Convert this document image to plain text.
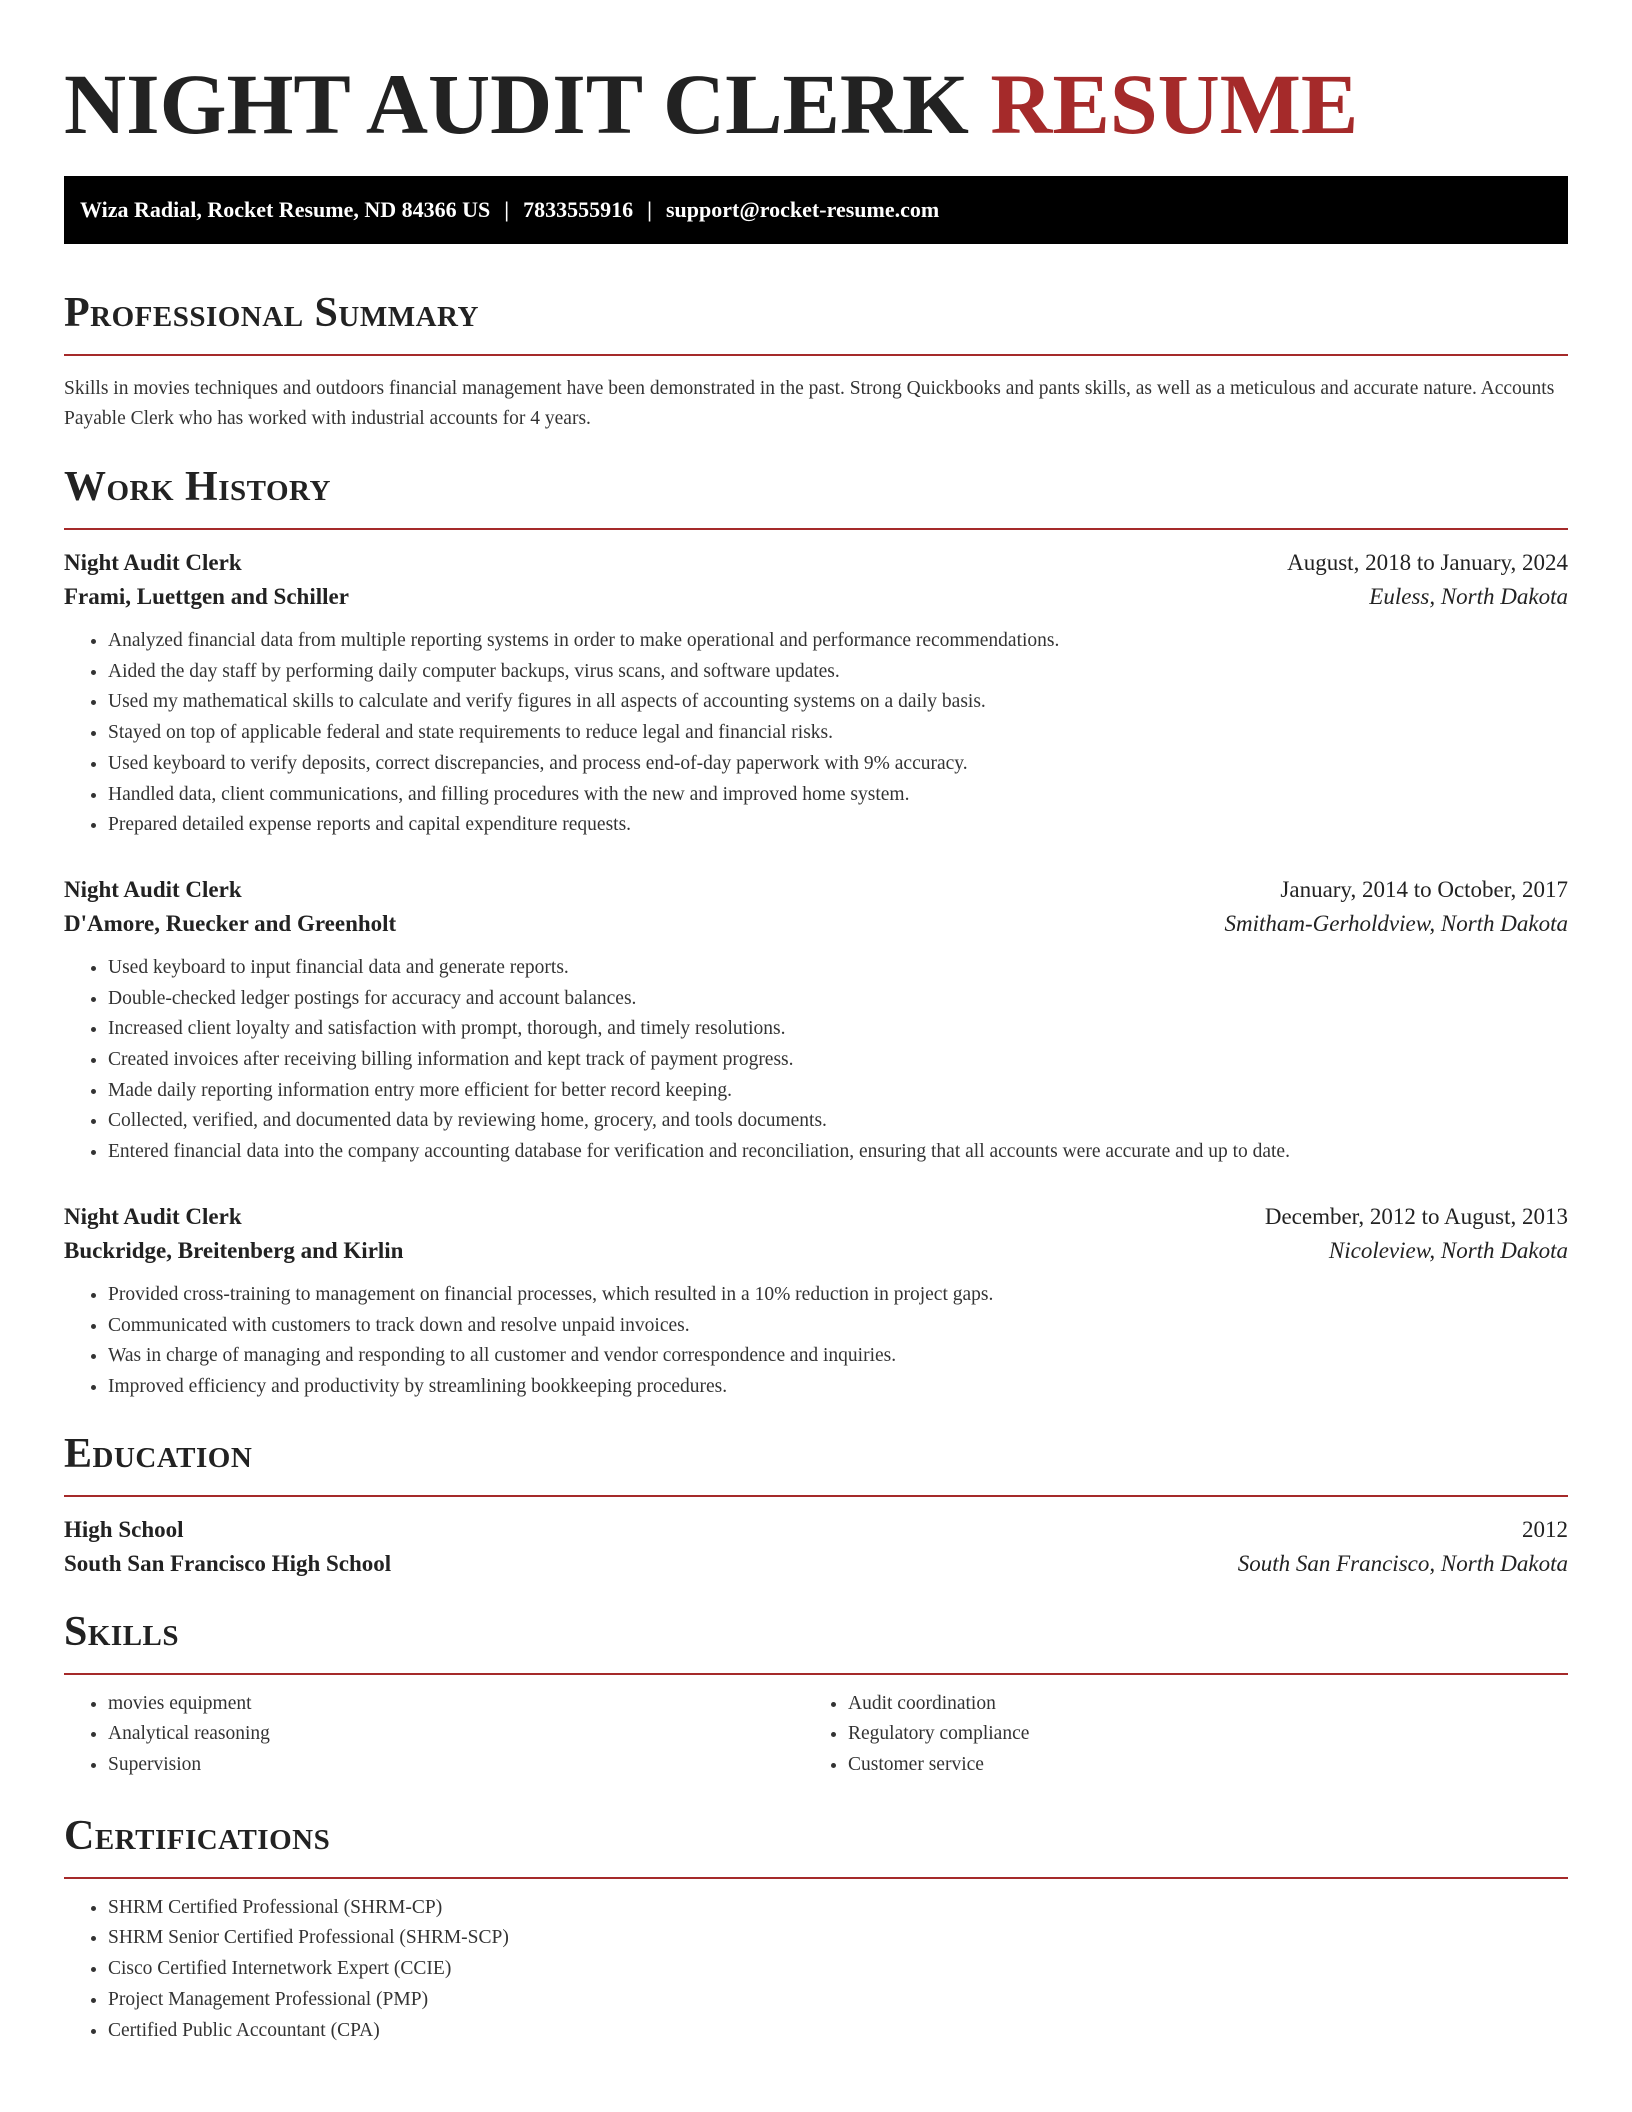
NIGHT AUDIT CLERK RESUME
Wiza Radial, Rocket Resume, ND 84366 US | 7833555916 | support@rocket-resume.com
Professional Summary

Skills in movies techniques and outdoors financial management have been demonstrated in the past. Strong Quickbooks and pants skills, as well as a meticulous and accurate nature. Accounts Payable Clerk who has worked with industrial accounts for 4 years.

Work History
Night Audit Clerk	August, 2018 to January, 2024
Frami, Luettgen and Schiller	Euless, North Dakota
• Analyzed financial data from multiple reporting systems in order to make operational and performance recommendations.
• Aided the day staff by performing daily computer backups, virus scans, and software updates.
• Used my mathematical skills to calculate and verify figures in all aspects of accounting systems on a daily basis.
• Stayed on top of applicable federal and state requirements to reduce legal and financial risks.
• Used keyboard to verify deposits, correct discrepancies, and process end-of-day paperwork with 9% accuracy.
• Handled data, client communications, and filling procedures with the new and improved home system.
• Prepared detailed expense reports and capital expenditure requests.
Night Audit Clerk	January, 2014 to October, 2017
D'Amore, Ruecker and Greenholt	Smitham-Gerholdview, North Dakota
• Used keyboard to input financial data and generate reports.
• Double-checked ledger postings for accuracy and account balances.
• Increased client loyalty and satisfaction with prompt, thorough, and timely resolutions.
• Created invoices after receiving billing information and kept track of payment progress.
• Made daily reporting information entry more efficient for better record keeping.
• Collected, verified, and documented data by reviewing home, grocery, and tools documents.
• Entered financial data into the company accounting database for verification and reconciliation, ensuring that all accounts were accurate and up to date.
Night Audit Clerk	December, 2012 to August, 2013
Buckridge, Breitenberg and Kirlin	Nicoleview, North Dakota
• Provided cross-training to management on financial processes, which resulted in a 10% reduction in project gaps.
• Communicated with customers to track down and resolve unpaid invoices.
• Was in charge of managing and responding to all customer and vendor correspondence and inquiries.
• Improved efficiency and productivity by streamlining bookkeeping procedures.
Education
High School	2012
South San Francisco High School	South San Francisco, North Dakota
Skills
• movies equipment
• Analytical reasoning
• Supervision
• Audit coordination
• Regulatory compliance
• Customer service
Certifications
• SHRM Certified Professional (SHRM-CP)
• SHRM Senior Certified Professional (SHRM-SCP)
• Cisco Certified Internetwork Expert (CCIE)
• Project Management Professional (PMP)
• Certified Public Accountant (CPA)
